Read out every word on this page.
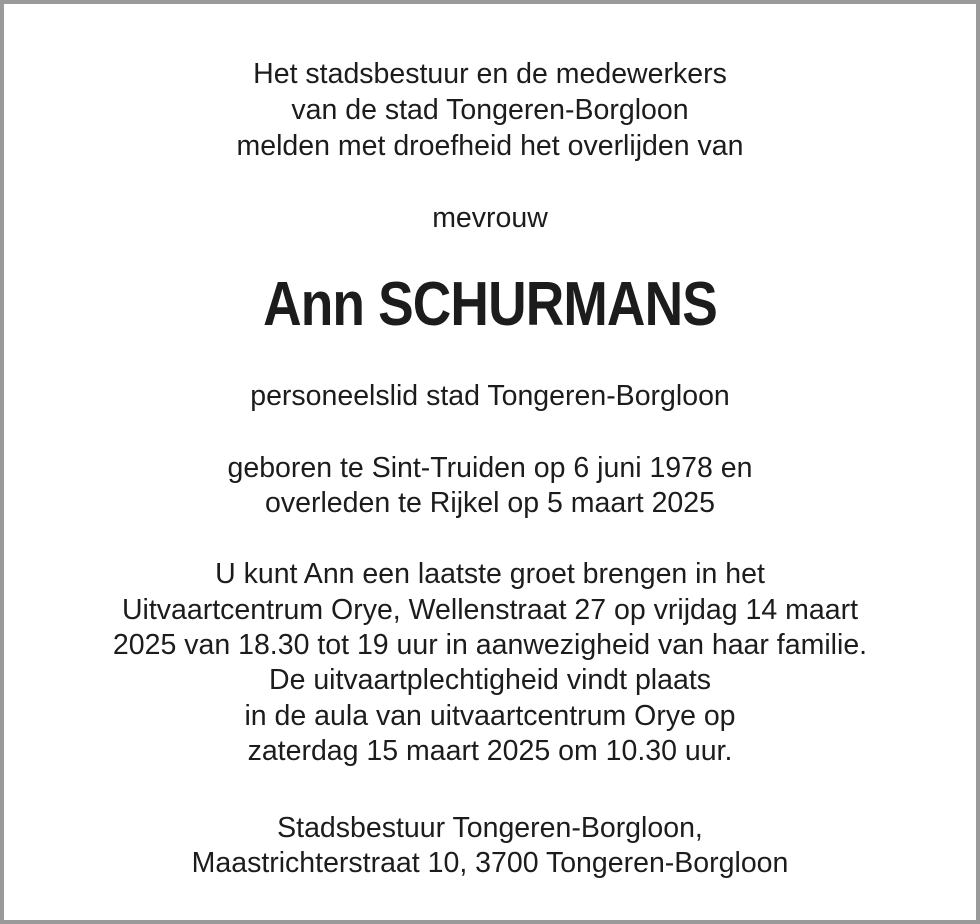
Het stadsbestuur en de medewerkers
van de stad Tongeren-Borgloon
melden met droefheid het overlijden van
mevrouw
Ann SCHURMANS
personeelslid stad Tongeren-Borgloon
geboren te Sint-Truiden op 6 juni 1978 en
overleden te Rijkel op 5 maart 2025
U kunt Ann een laatste groet brengen in het
Uitvaartcentrum Orye, Wellenstraat 27 op vrijdag 14 maart
2025 van 18.30 tot 19 uur in aanwezigheid van haar familie.
De uitvaartplechtigheid vindt plaats
in de aula van uitvaartcentrum Orye op
zaterdag 15 maart 2025 om 10.30 uur.
Stadsbestuur Tongeren-Borgloon,
Maastrichterstraat 10, 3700 Tongeren-Borgloon
